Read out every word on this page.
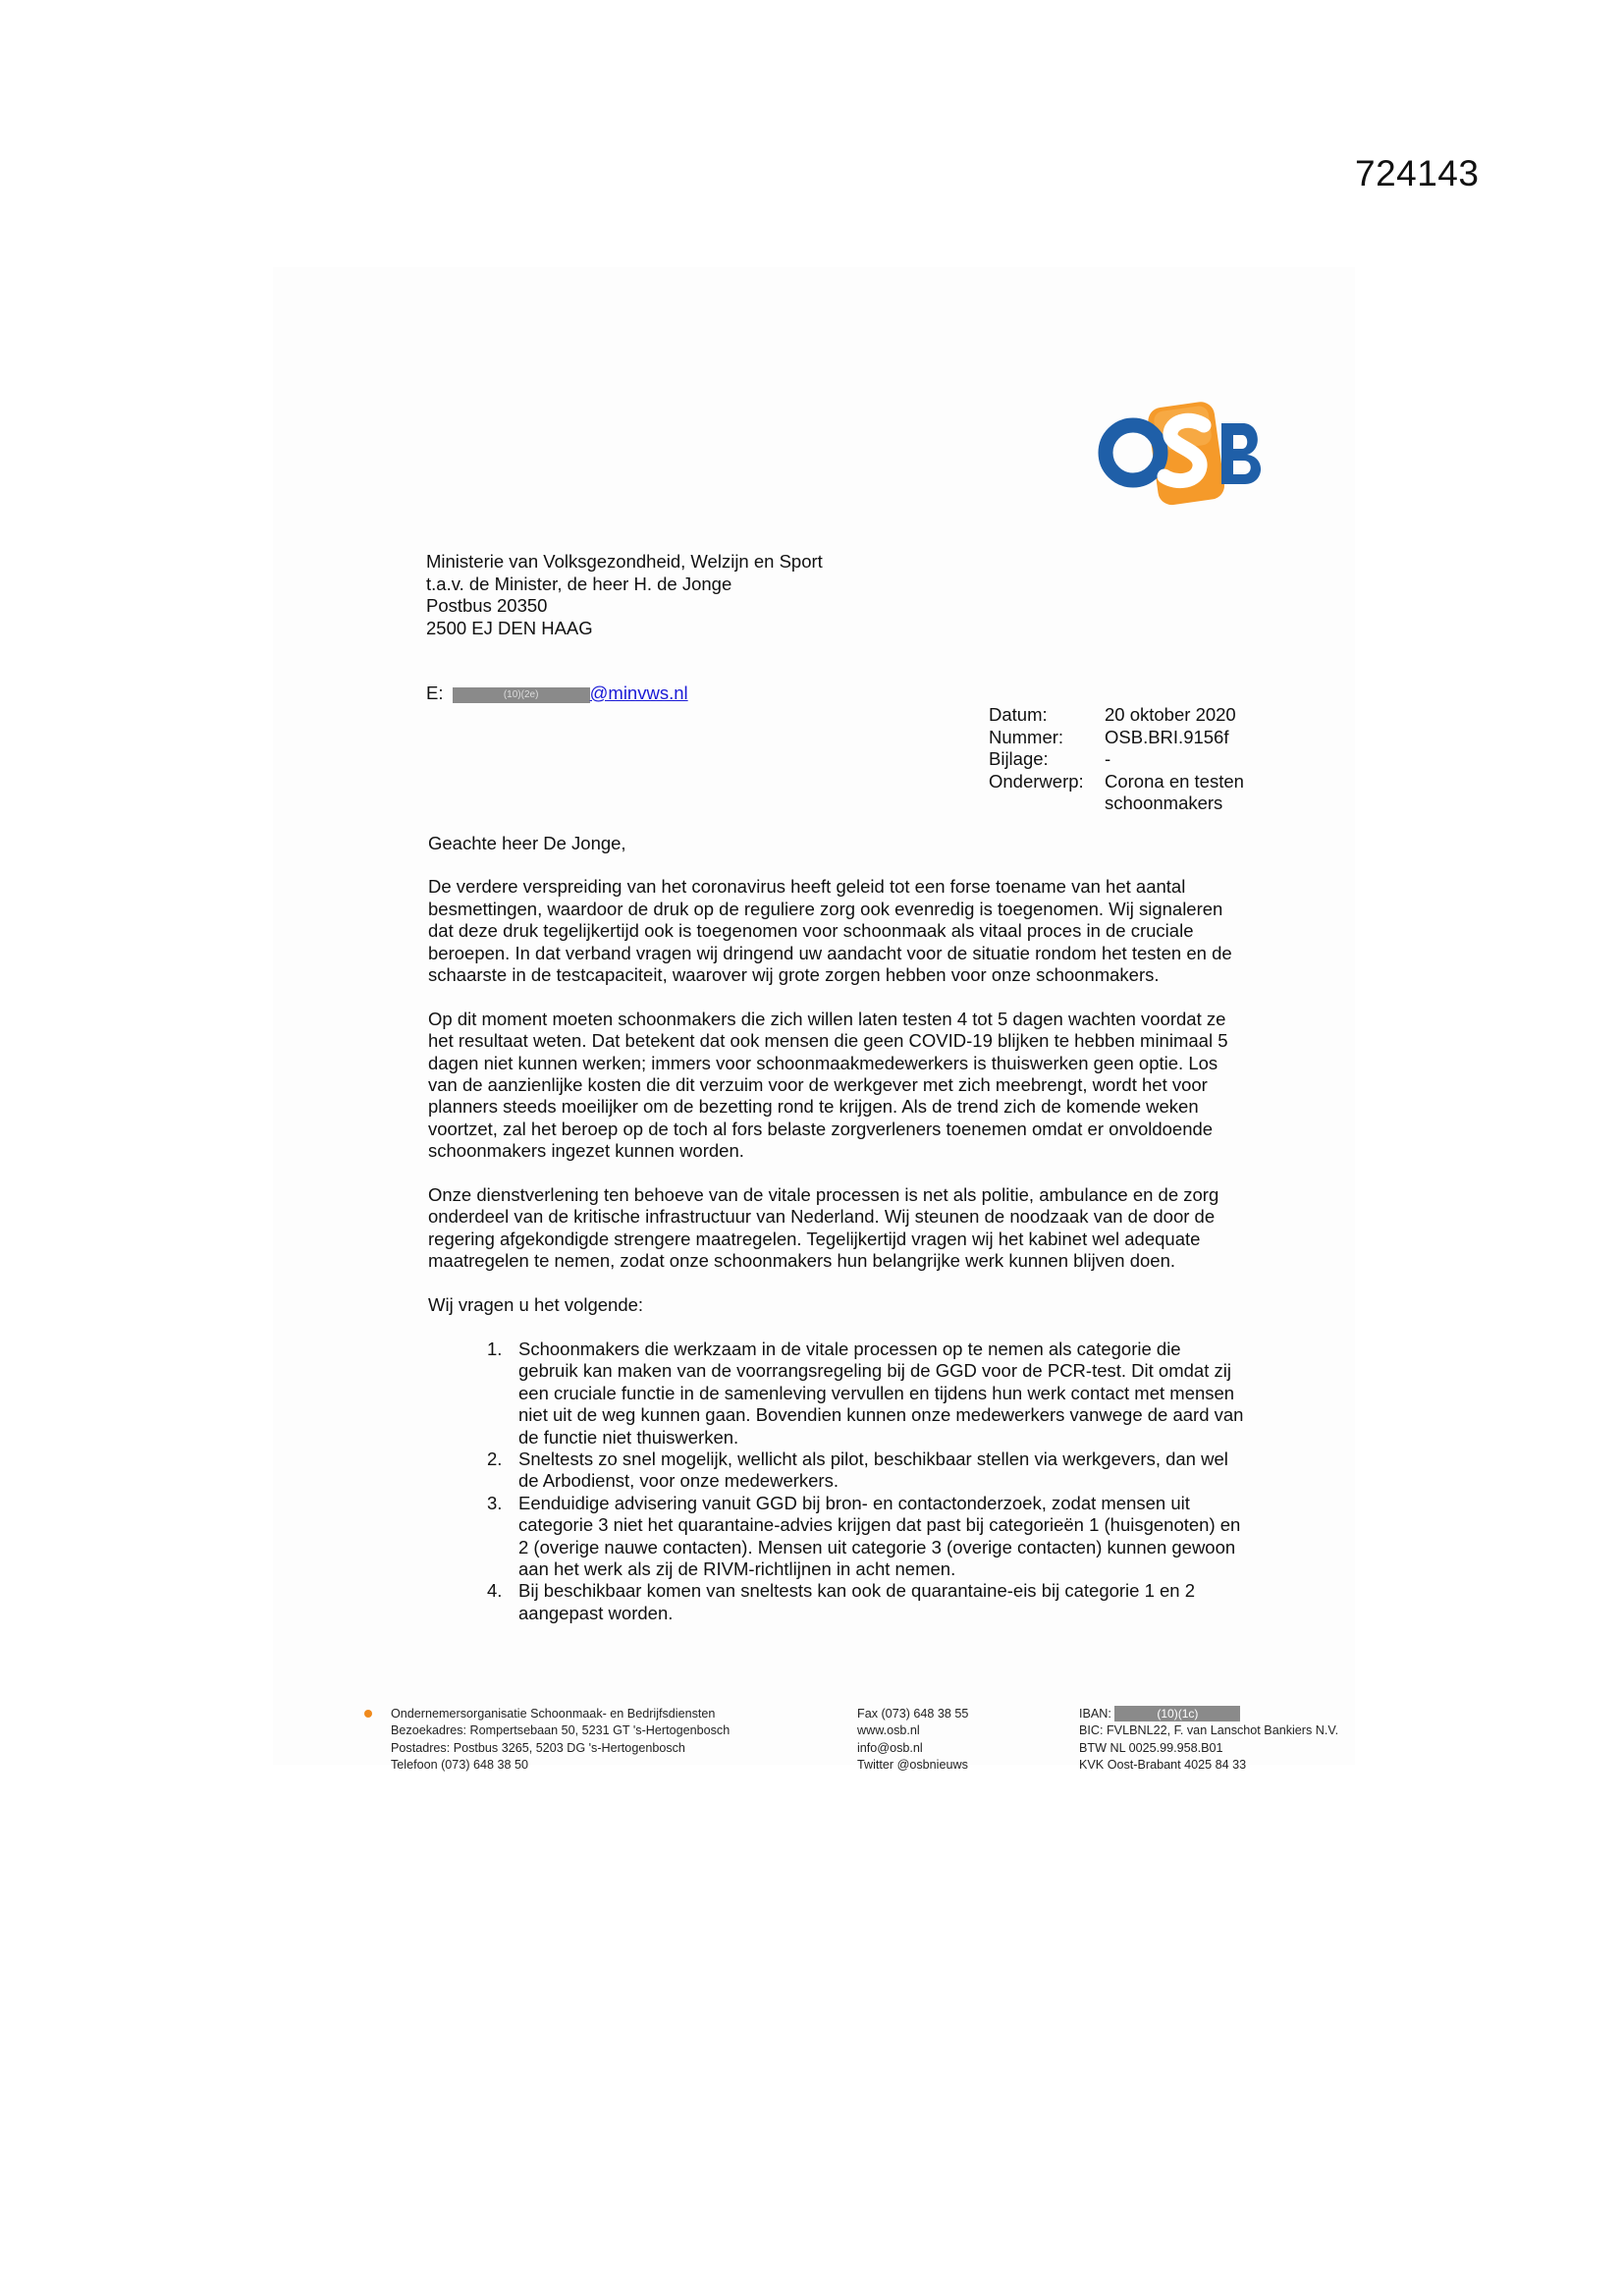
724143
Ministerie van Volksgezondheid, Welzijn en Sport
t.a.v. de Minister, de heer H. de Jonge
Postbus 20350
2500 EJ DEN HAAG
E:	(10)(2e)	@minvws.nl
Datum:	20 oktober 2020
Nummer:	OSB.BRI.9156f
Bijlage:	-
Onderwerp:	Corona en testen schoonmakers

Geachte heer De Jonge,

De verdere verspreiding van het coronavirus heeft geleid tot een forse toename van het aantal besmettingen, waardoor de druk op de reguliere zorg ook evenredig is toegenomen. Wij signaleren dat deze druk tegelijkertijd ook is toegenomen voor schoonmaak als vitaal proces in de cruciale beroepen. In dat verband vragen wij dringend uw aandacht voor de situatie rondom het testen en de schaarste in de testcapaciteit, waarover wij grote zorgen hebben voor onze schoonmakers.

Op dit moment moeten schoonmakers die zich willen laten testen 4 tot 5 dagen wachten voordat ze het resultaat weten. Dat betekent dat ook mensen die geen COVID-19 blijken te hebben minimaal 5 dagen niet kunnen werken; immers voor schoonmaakmedewerkers is thuiswerken geen optie. Los van de aanzienlijke kosten die dit verzuim voor de werkgever met zich meebrengt, wordt het voor planners steeds moeilijker om de bezetting rond te krijgen. Als de trend zich de komende weken voortzet, zal het beroep op de toch al fors belaste zorgverleners toenemen omdat er onvoldoende schoonmakers ingezet kunnen worden.

Onze dienstverlening ten behoeve van de vitale processen is net als politie, ambulance en de zorg onderdeel van de kritische infrastructuur van Nederland. Wij steunen de noodzaak van de door de regering afgekondigde strengere maatregelen. Tegelijkertijd vragen wij het kabinet wel adequate maatregelen te nemen, zodat onze schoonmakers hun belangrijke werk kunnen blijven doen.

Wij vragen u het volgende:

1. Schoonmakers die werkzaam in de vitale processen op te nemen als categorie die gebruik kan maken van de voorrangsregeling bij de GGD voor de PCR-test. Dit omdat zij een cruciale functie in de samenleving vervullen en tijdens hun werk contact met mensen niet uit de weg kunnen gaan. Bovendien kunnen onze medewerkers vanwege de aard van de functie niet thuiswerken.
2. Sneltests zo snel mogelijk, wellicht als pilot, beschikbaar stellen via werkgevers, dan wel de Arbodienst, voor onze medewerkers.
3. Eenduidige advisering vanuit GGD bij bron- en contactonderzoek, zodat mensen uit categorie 3 niet het quarantaine-advies krijgen dat past bij categorieën 1 (huisgenoten) en 2 (overige nauwe contacten). Mensen uit categorie 3 (overige contacten) kunnen gewoon aan het werk als zij de RIVM-richtlijnen in acht nemen.
4. Bij beschikbaar komen van sneltests kan ook de quarantaine-eis bij categorie 1 en 2 aangepast worden.
Ondernemersorganisatie Schoonmaak- en Bedrijfsdiensten
Bezoekadres: Rompertsebaan 50, 5231 GT 's-Hertogenbosch
Postadres: Postbus 3265, 5203 DG 's-Hertogenbosch
Telefoon (073) 648 38 50
Fax (073) 648 38 55
www.osb.nl
info@osb.nl
Twitter @osbnieuws
IBAN:	(10)(1c)
BIC: FVLBNL22, F. van Lanschot Bankiers N.V.
BTW NL 0025.99.958.B01
KVK Oost-Brabant 4025 84 33
